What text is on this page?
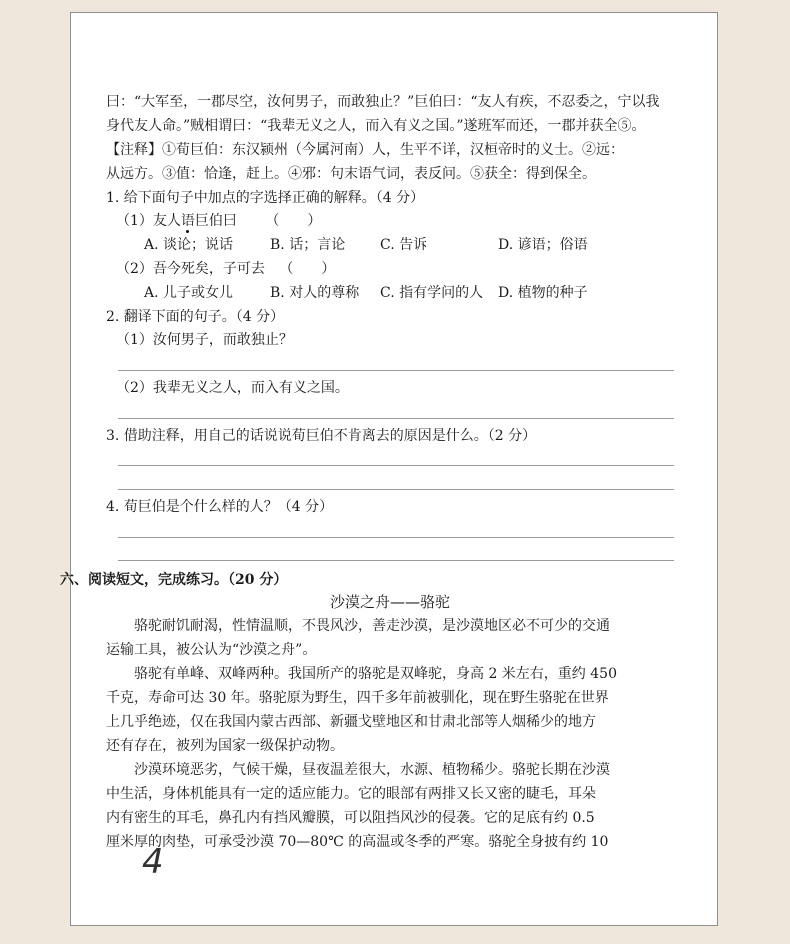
曰：“大军至，一郡尽空，汝何男子，而敢独止？”巨伯曰：“友人有疾，不忍委之，宁以我
身代友人命。”贼相谓曰：“我辈无义之人，而入有义之国。”遂班军而还，一郡并获全⑤。
【注释】①荀巨伯：东汉颍州（今属河南）人，生平不详，汉桓帝时的义士。②远：
从远方。③值：恰逢，赶上。④邪：句末语气词，表反问。⑤获全：得到保全。
1. 给下面句子中加点的字选择正确的解释。（4 分）
（1）友人语巨伯曰 （　　）
A. 谈论；说话	B. 话；言论 C. 告诉	D. 谚语；俗语
（2）吾今死矣，子可去 （　　）
A. 儿子或女儿	B. 对人的尊称 C. 指有学问的人 D. 植物的种子
2. 翻译下面的句子。（4 分）
（1）汝何男子，而敢独止？
（2）我辈无义之人，而入有义之国。
3. 借助注释，用自己的话说说荀巨伯不肯离去的原因是什么。（2 分）
4. 荀巨伯是个什么样的人？（4 分）
六、阅读短文，完成练习。（20 分）
沙漠之舟——骆驼
骆驼耐饥耐渴，性情温顺，不畏风沙，善走沙漠，是沙漠地区必不可少的交通
运输工具，被公认为“沙漠之舟”。
骆驼有单峰、双峰两种。我国所产的骆驼是双峰驼，身高 2 米左右，重约 450
千克，寿命可达 30 年。骆驼原为野生，四千多年前被驯化，现在野生骆驼在世界
上几乎绝迹，仅在我国内蒙古西部、新疆戈壁地区和甘肃北部等人烟稀少的地方
还有存在，被列为国家一级保护动物。
沙漠环境恶劣，气候干燥，昼夜温差很大，水源、植物稀少。骆驼长期在沙漠
中生活，身体机能具有一定的适应能力。它的眼部有两排又长又密的睫毛，耳朵
内有密生的耳毛，鼻孔内有挡风瓣膜，可以阻挡风沙的侵袭。它的足底有约 0.5
厘米厚的肉垫，可承受沙漠 70—80℃ 的高温或冬季的严寒。骆驼全身披有约 10
4
